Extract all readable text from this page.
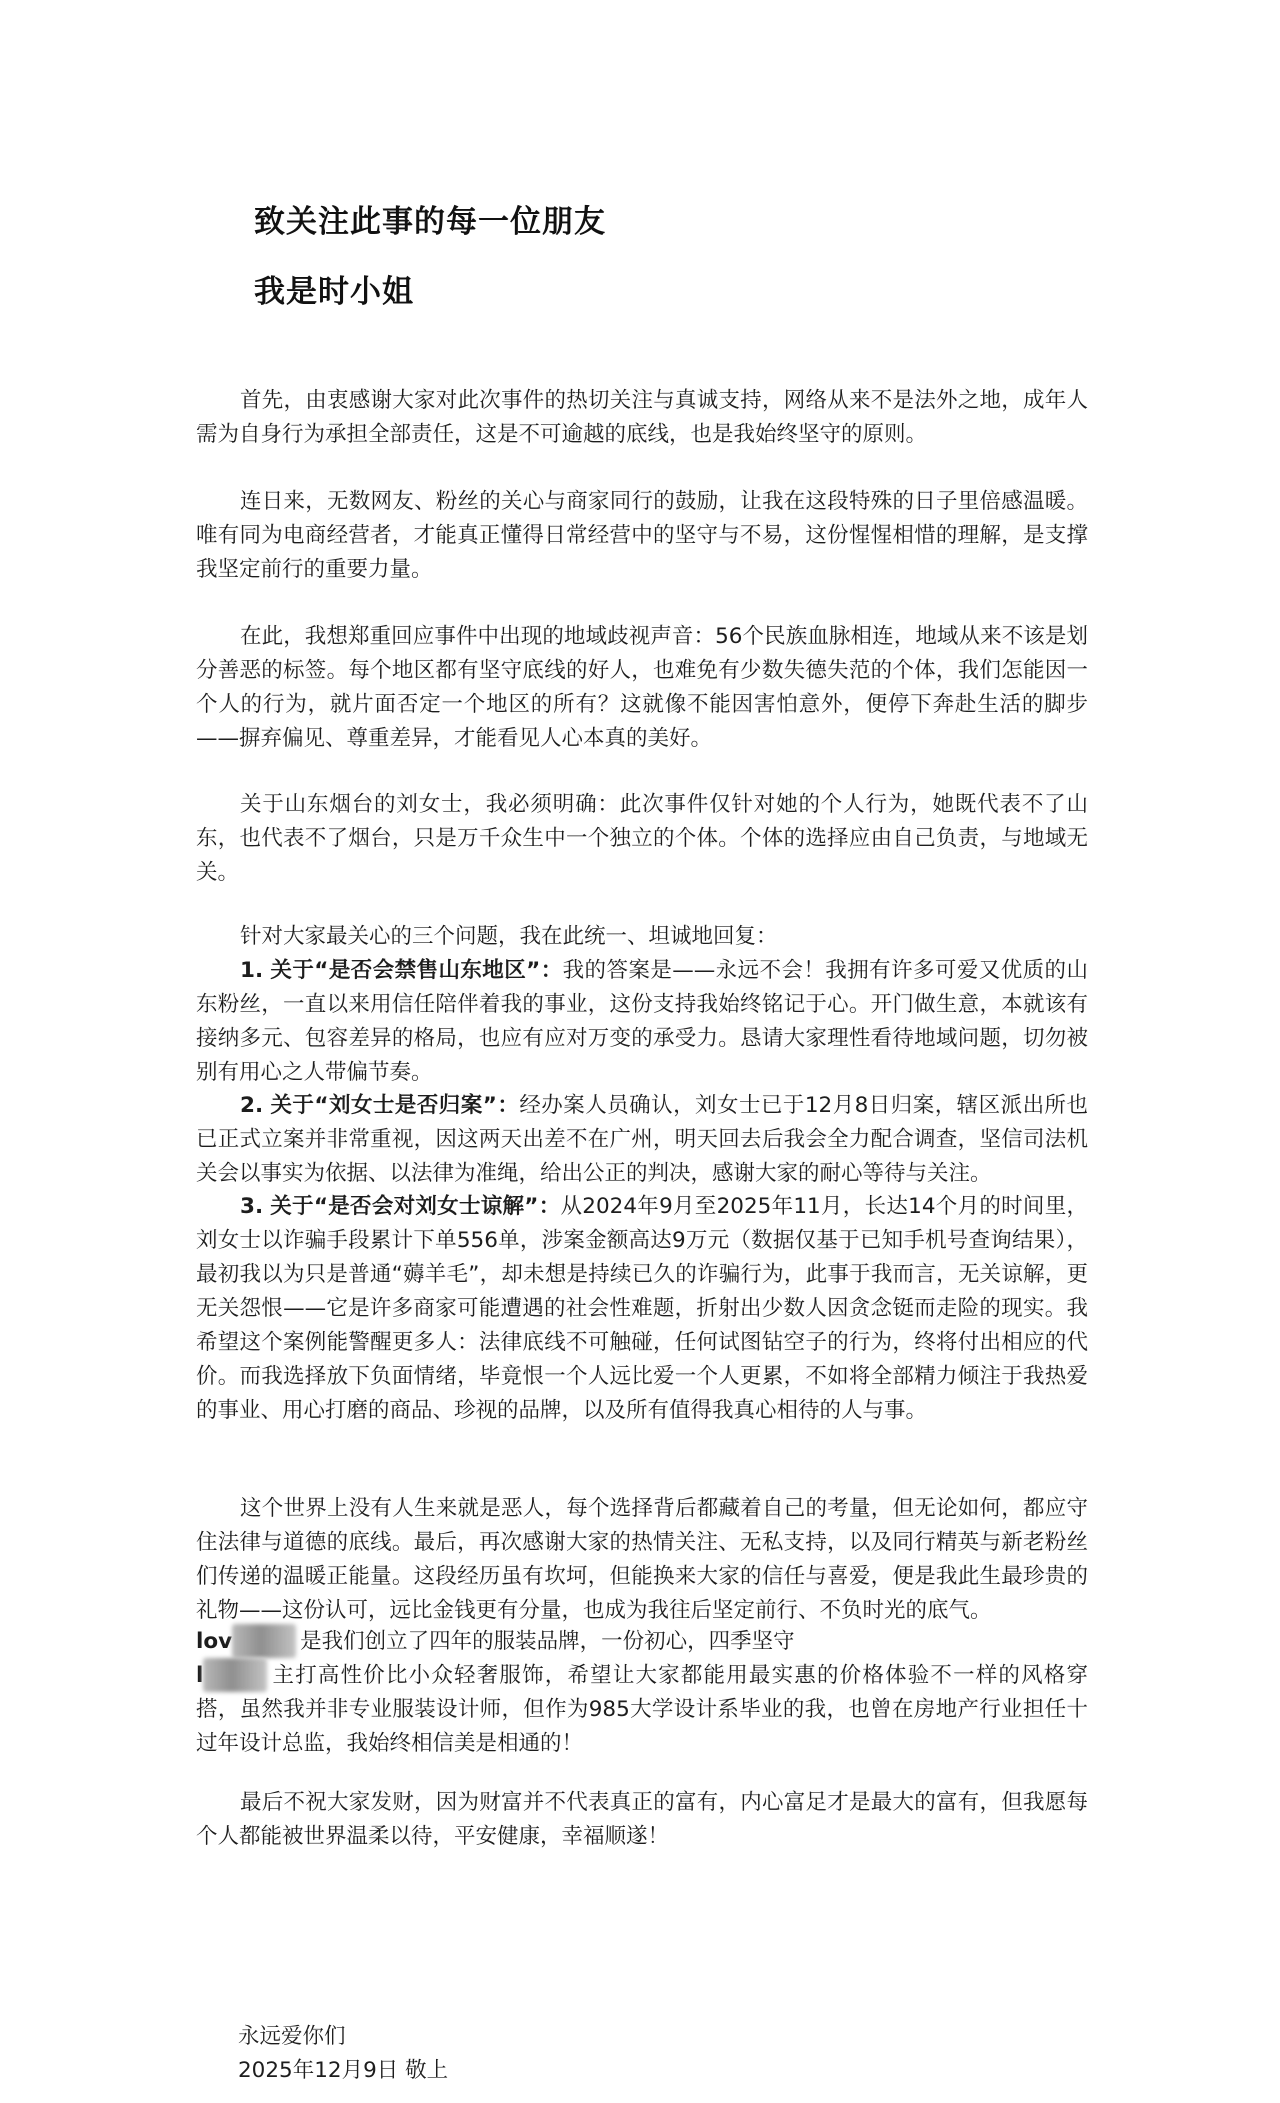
致关注此事的每一位朋友
我是时小姐
首先，由衷感谢大家对此次事件的热切关注与真诚支持，网络从来不是法外之地，成年人需为自身行为承担全部责任，这是不可逾越的底线，也是我始终坚守的原则。
连日来，无数网友、粉丝的关心与商家同行的鼓励，让我在这段特殊的日子里倍感温暖。唯有同为电商经营者，才能真正懂得日常经营中的坚守与不易，这份惺惺相惜的理解，是支撑我坚定前行的重要力量。
在此，我想郑重回应事件中出现的地域歧视声音：56个民族血脉相连，地域从来不该是划分善恶的标签。每个地区都有坚守底线的好人，也难免有少数失德失范的个体，我们怎能因一个人的行为，就片面否定一个地区的所有？这就像不能因害怕意外，便停下奔赴生活的脚步——摒弃偏见、尊重差异，才能看见人心本真的美好。
关于山东烟台的刘女士，我必须明确：此次事件仅针对她的个人行为，她既代表不了山东，也代表不了烟台，只是万千众生中一个独立的个体。个体的选择应由自己负责，与地域无关。
针对大家最关心的三个问题，我在此统一、坦诚地回复：
1. 关于“是否会禁售山东地区”：我的答案是——永远不会！我拥有许多可爱又优质的山东粉丝，一直以来用信任陪伴着我的事业，这份支持我始终铭记于心。开门做生意，本就该有接纳多元、包容差异的格局，也应有应对万变的承受力。恳请大家理性看待地域问题，切勿被别有用心之人带偏节奏。
2. 关于“刘女士是否归案”：经办案人员确认，刘女士已于12月8日归案，辖区派出所也已正式立案并非常重视，因这两天出差不在广州，明天回去后我会全力配合调查，坚信司法机关会以事实为依据、以法律为准绳，给出公正的判决，感谢大家的耐心等待与关注。
3. 关于“是否会对刘女士谅解”：从2024年9月至2025年11月，长达14个月的时间里，刘女士以诈骗手段累计下单556单，涉案金额高达9万元（数据仅基于已知手机号查询结果），最初我以为只是普通“薅羊毛”，却未想是持续已久的诈骗行为，此事于我而言，无关谅解，更无关怨恨——它是许多商家可能遭遇的社会性难题，折射出少数人因贪念铤而走险的现实。我希望这个案例能警醒更多人：法律底线不可触碰，任何试图钻空子的行为，终将付出相应的代价。而我选择放下负面情绪，毕竟恨一个人远比爱一个人更累，不如将全部精力倾注于我热爱的事业、用心打磨的商品、珍视的品牌，以及所有值得我真心相待的人与事。
这个世界上没有人生来就是恶人，每个选择背后都藏着自己的考量，但无论如何，都应守住法律与道德的底线。最后，再次感谢大家的热情关注、无私支持，以及同行精英与新老粉丝们传递的温暖正能量。这段经历虽有坎坷，但能换来大家的信任与喜爱，便是我此生最珍贵的礼物——这份认可，远比金钱更有分量，也成为我往后坚定前行、不负时光的底气。
lov	是我们创立了四年的服装品牌，一份初心，四季坚守
l	主打高性价比小众轻奢服饰，希望让大家都能用最实惠的价格体验不一样的风格穿搭，虽然我并非专业服装设计师，但作为985大学设计系毕业的我，也曾在房地产行业担任十过年设计总监，我始终相信美是相通的！
最后不祝大家发财，因为财富并不代表真正的富有，内心富足才是最大的富有，但我愿每个人都能被世界温柔以待，平安健康，幸福顺遂！
永远爱你们
2025年12月9日 敬上
